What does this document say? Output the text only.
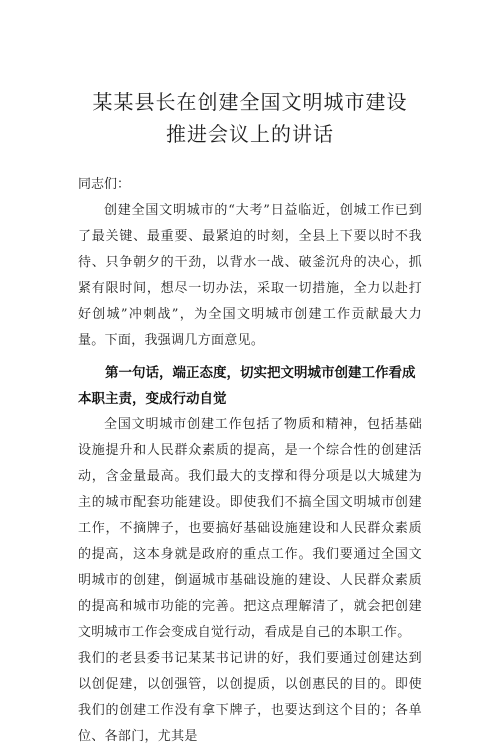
某某县长在创建全国文明城市建设
推进会议上的讲话
同志们：

创建全国文明城市的“大考”日益临近，创城工作已到了最关键、最重要、最紧迫的时刻，全县上下要以时不我待、只争朝夕的干劲，以背水一战、破釜沉舟的决心，抓紧有限时间，想尽一切办法，采取一切措施，全力以赴打好创城”冲刺战”，为全国文明城市创建工作贡献最大力量。下面，我强调几方面意见。

第一句话，端正态度，切实把文明城市创建工作看成本职主责，变成行动自觉

全国文明城市创建工作包括了物质和精神，包括基础设施提升和人民群众素质的提高，是一个综合性的创建活动，含金量最高。我们最大的支撑和得分项是以大城建为主的城市配套功能建设。即使我们不搞全国文明城市创建工作，不摘牌子，也要搞好基础设施建设和人民群众素质的提高，这本身就是政府的重点工作。我们要通过全国文明城市的创建，倒逼城市基础设施的建设、人民群众素质的提高和城市功能的完善。把这点理解清了，就会把创建文明城市工作会变成自觉行动，看成是自己的本职工作。

我们的老县委书记某某书记讲的好，我们要通过创建达到以创促建，以创强管，以创提质，以创惠民的目的。即使我们的创建工作没有拿下牌子，也要达到这个目的；各单位、各部门，尤其是
